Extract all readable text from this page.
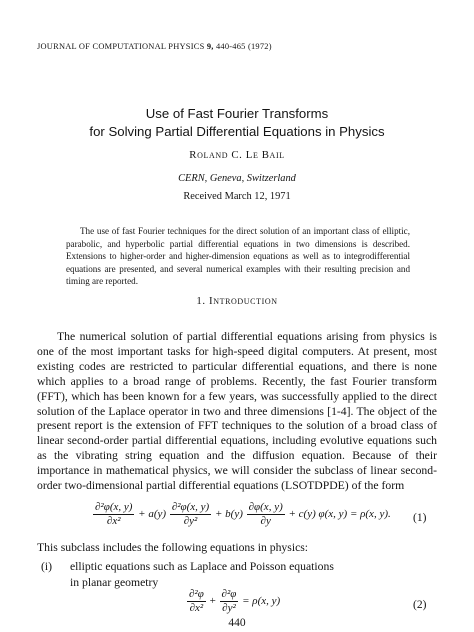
JOURNAL OF COMPUTATIONAL PHYSICS 9, 440-465 (1972)
Use of Fast Fourier Transforms
for Solving Partial Differential Equations in Physics
Roland C. Le Bail
CERN, Geneva, Switzerland
Received March 12, 1971

The use of fast Fourier techniques for the direct solution of an important class of elliptic, parabolic, and hyperbolic partial differential equations in two dimensions is described. Extensions to higher-order and higher-dimension equations as well as to integrodifferential equations are presented, and several numerical examples with their resulting precision and timing are reported.

1. Introduction

The numerical solution of partial differential equations arising from physics is one of the most important tasks for high-speed digital computers. At present, most existing codes are restricted to particular differential equations, and there is none which applies to a broad range of problems. Recently, the fast Fourier transform (FFT), which has been known for a few years, was successfully applied to the direct solution of the Laplace operator in two and three dimensions [1-4]. The object of the present report is the extension of FFT techniques to the solution of a broad class of linear second-order partial differential equations, including evolutive equations such as the vibrating string equation and the diffusion equation. Because of their importance in mathematical physics, we will consider the subclass of linear second-order two-dimensional partial differential equations (LSOTDPDE) of the form

$\frac{\text{∂²φ(x, y)}}{\text{∂x²}} + a(y) \frac{\text{∂²φ(x, y)}}{\text{∂y²}} + b(y) \frac{\partial\varphi(x, y)}{\partial y} + c(y)$ φ(x, y) = ρ(x, y). (1)
This subclass includes the following equations in physics:
(i) elliptic equations such as Laplace and Poisson equations
in planar geometry
$\frac{\text{∂²φ}}{\text{∂x²}} + \frac{\text{∂²φ}}{\text{∂y²}} = \rho(x$, y)	(2)
440
